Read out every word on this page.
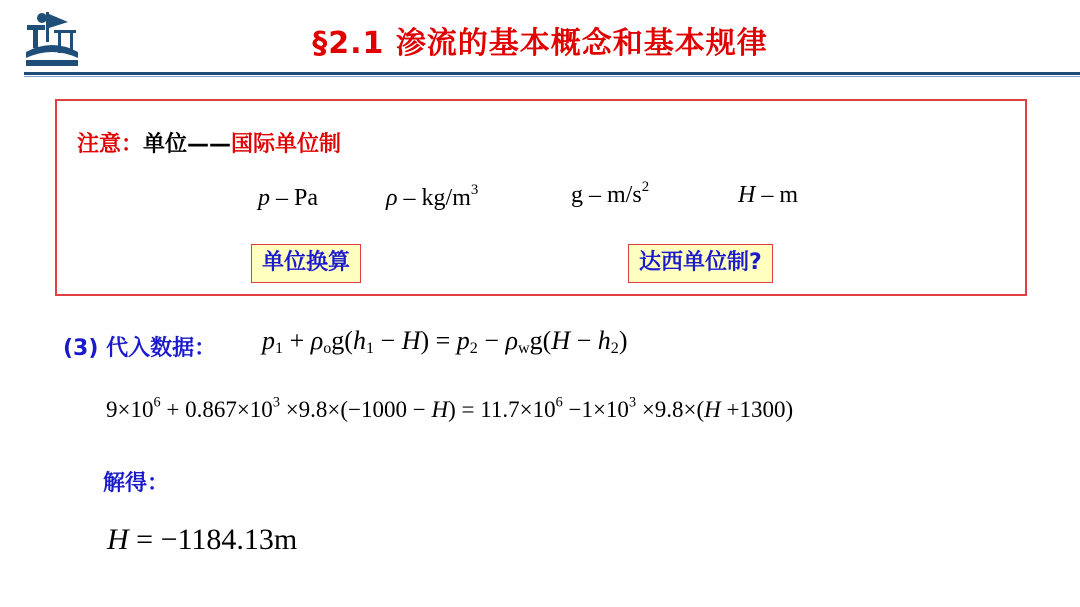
§2.1 渗流的基本概念和基本规律
注意：单位——国际单位制
p – Pa	ρ – $kg/m^3$	g – $m/s^2$	H – m
单位换算	达西单位制?
(3) 代入数据： $p_1 + \rho_og(h_1 - H) = p_2 - \rho_wg(H - h_2)$
$9\times 10^6 + 0.867\times 10^3 \times 9.8\times(-1000 - H) = 11.7\times 10^6 -1\times 10^3 \times 9.8\times(H +1300)$
解得：
H = −1184.13m
